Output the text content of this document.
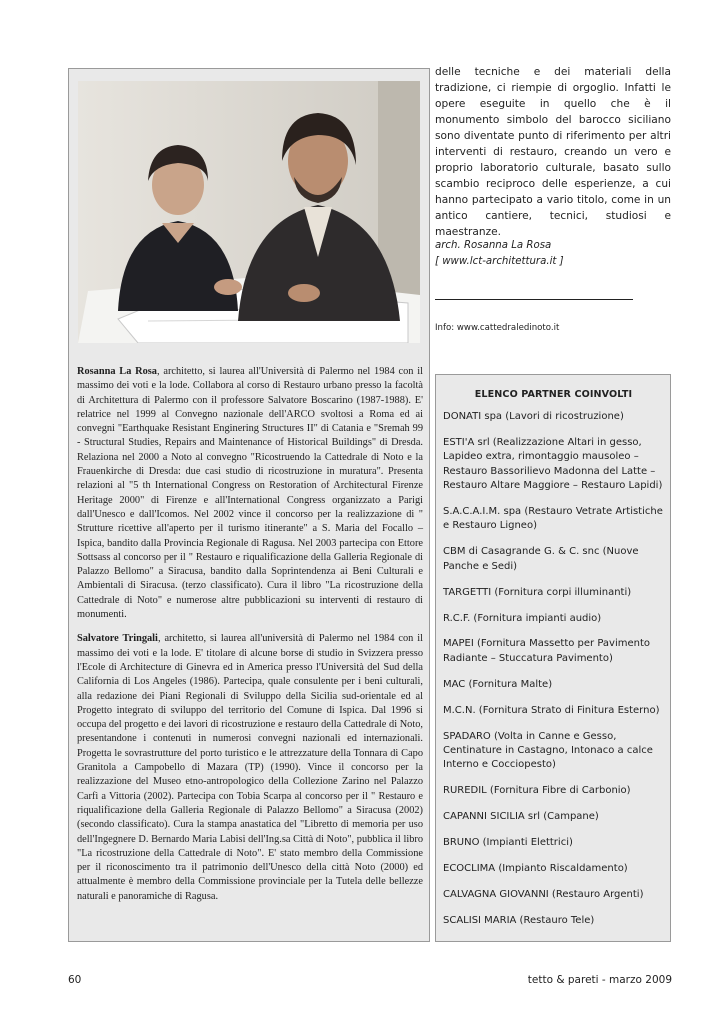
Rosanna La Rosa, architetto, si laurea all'Università di Palermo nel 1984 con il massimo dei voti e la lode. Collabora al corso di Restauro urbano presso la facoltà di Architettura di Palermo con il professore Salvatore Boscarino (1987-1988). E' relatrice nel 1999 al Convegno nazionale dell'ARCO svoltosi a Roma ed ai convegni "Earthquake Resistant Enginering Structures II" di Catania e "Sremah 99 - Structural Studies, Repairs and Maintenance of Historical Buildings" di Dresda. Relaziona nel 2000 a Noto al convegno "Ricostruendo la Cattedrale di Noto e la Frauenkirche di Dresda: due casi studio di ricostruzione in muratura". Presenta relazioni al "5 th International Congress on Restoration of Architectural Firenze Heritage 2000" di Firenze e all'International Congress organizzato a Parigi dall'Unesco e dall'Icomos. Nel 2002 vince il concorso per la realizzazione di " Strutture ricettive all'aperto per il turismo itinerante" a S. Maria del Focallo – Ispica, bandito dalla Provincia Regionale di Ragusa. Nel 2003 partecipa con Ettore Sottsass al concorso per il " Restauro e riqualificazione della Galleria Regionale di Palazzo Bellomo" a Siracusa, bandito dalla Soprintendenza ai Beni Culturali e Ambientali di Siracusa. (terzo classificato). Cura il libro "La ricostruzione della Cattedrale di Noto" e numerose altre pubblicazioni su interventi di restauro di monumenti.

Salvatore Tringali, architetto, si laurea all'università di Palermo nel 1984 con il massimo dei voti e la lode. E' titolare di alcune borse di studio in Svizzera presso l'Ecole di Architecture di Ginevra ed in America presso l'Università del Sud della California di Los Angeles (1986). Partecipa, quale consulente per i beni culturali, alla redazione dei Piani Regionali di Sviluppo della Sicilia sud-orientale ed al Progetto integrato di sviluppo del territorio del Comune di Ispica. Dal 1996 si occupa del progetto e dei lavori di ricostruzione e restauro della Cattedrale di Noto, presentandone i contenuti in numerosi convegni nazionali ed internazionali. Progetta le sovrastrutture del porto turistico e le attrezzature della Tonnara di Capo Granitola a Campobello di Mazara (TP) (1990). Vince il concorso per la realizzazione del Museo etno-antropologico della Collezione Zarino nel Palazzo Carfì a Vittoria (2002). Partecipa con Tobia Scarpa al concorso per il " Restauro e riqualificazione della Galleria Regionale di Palazzo Bellomo" a Siracusa (2002) (secondo classificato). Cura la stampa anastatica del "Libretto di memoria per uso dell'Ingegnere D. Bernardo Maria Labisi dell'Ing.sa Città di Noto", pubblica il libro "La ricostruzione della Cattedrale di Noto". E' stato membro della Commissione per il riconoscimento tra il patrimonio dell'Unesco della città Noto (2000) ed attualmente è membro della Commissione provinciale per la Tutela delle bellezze naturali e panoramiche di Ragusa.

delle tecniche e dei materiali della tradizione, ci riempie di orgoglio. Infatti le opere eseguite in quello che è il monumento simbolo del barocco siciliano sono diventate punto di riferimento per altri interventi di restauro, creando un vero e proprio laboratorio culturale, basato sullo scambio reciproco delle esperienze, a cui hanno partecipato a vario titolo, come in un antico cantiere, tecnici, studiosi e maestranze.

arch. Rosanna La Rosa
[ www.lct-architettura.it ]
Info: www.cattedraledinoto.it
ELENCO PARTNER COINVOLTI
DONATI spa (Lavori di ricostruzione)
ESTI'A srl (Realizzazione Altari in gesso, Lapideo extra, rimontaggio mausoleo – Restauro Bassorilievo Madonna del Latte – Restauro Altare Maggiore – Restauro Lapidi)
S.A.C.A.I.M. spa (Restauro Vetrate Artistiche e Restauro Ligneo)
CBM di Casagrande G. & C. snc (Nuove Panche e Sedi)
TARGETTI (Fornitura corpi illuminanti)
R.C.F. (Fornitura impianti audio)
MAPEI (Fornitura Massetto per Pavimento Radiante – Stuccatura Pavimento)
MAC (Fornitura Malte)
M.C.N. (Fornitura Strato di Finitura Esterno)
SPADARO (Volta in Canne e Gesso, Centinature in Castagno, Intonaco a calce Interno e Cocciopesto)
RUREDIL (Fornitura Fibre di Carbonio)
CAPANNI SICILIA srl (Campane)
BRUNO (Impianti Elettrici)
ECOCLIMA (Impianto Riscaldamento)
CALVAGNA GIOVANNI (Restauro Argenti)
SCALISI MARIA (Restauro Tele)
60	tetto & pareti - marzo 2009
